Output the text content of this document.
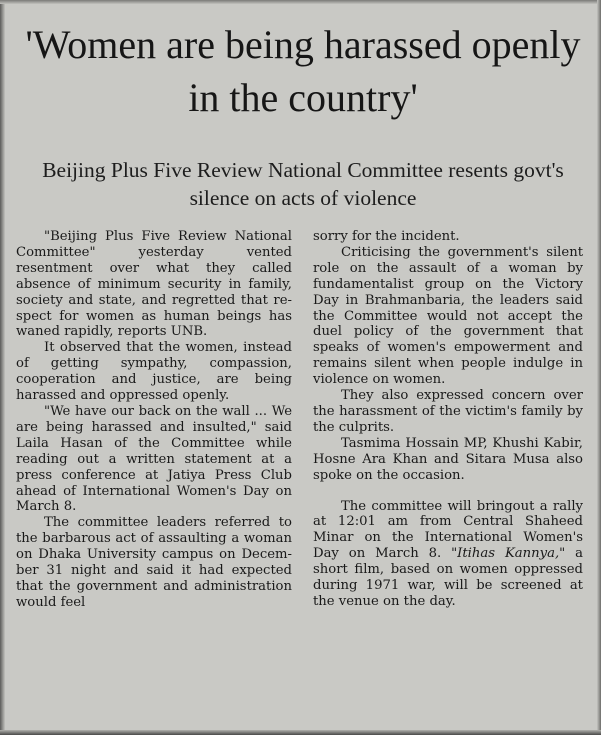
'Women are being harassed openly in the country'
Beijing Plus Five Review National Committee resents govt's silence on acts of violence

"Beijing Plus Five Review National Committee" yesterday vented resentment over what they called absence of minimum security in family, society and state, and regretted that respect for women as human beings has waned rapidly, reports UNB.

It observed that the women, instead of getting sympathy, compassion, cooperation and justice, are being harassed and oppressed openly.

"We have our back on the wall ... We are being harassed and insulted," said Laila Hasan of the Committee while reading out a written statement at a press conference at Jatiya Press Club ahead of International Women's Day on March 8.

The committee leaders referred to the barbarous act of assaulting a woman on Dhaka University campus on December 31 night and said it had expected that the government and administration would feel

sorry for the incident.

Criticising the government's silent role on the assault of a woman by fundamentalist group on the Victory Day in Brahmanbaria, the leaders said the Committee would not accept the duel policy of the government that speaks of women's empowerment and remains silent when people indulge in violence on women.

They also expressed concern over the harassment of the victim's family by the culprits.

Tasmima Hossain MP, Khushi Kabir, Hosne Ara Khan and Sitara Musa also spoke on the occasion.

The committee will bringout a rally at 12:01 am from Central Shaheed Minar on the International Women's Day on March 8. "Itihas Kannya," a short film, based on women oppressed during 1971 war, will be screened at the venue on the day.
